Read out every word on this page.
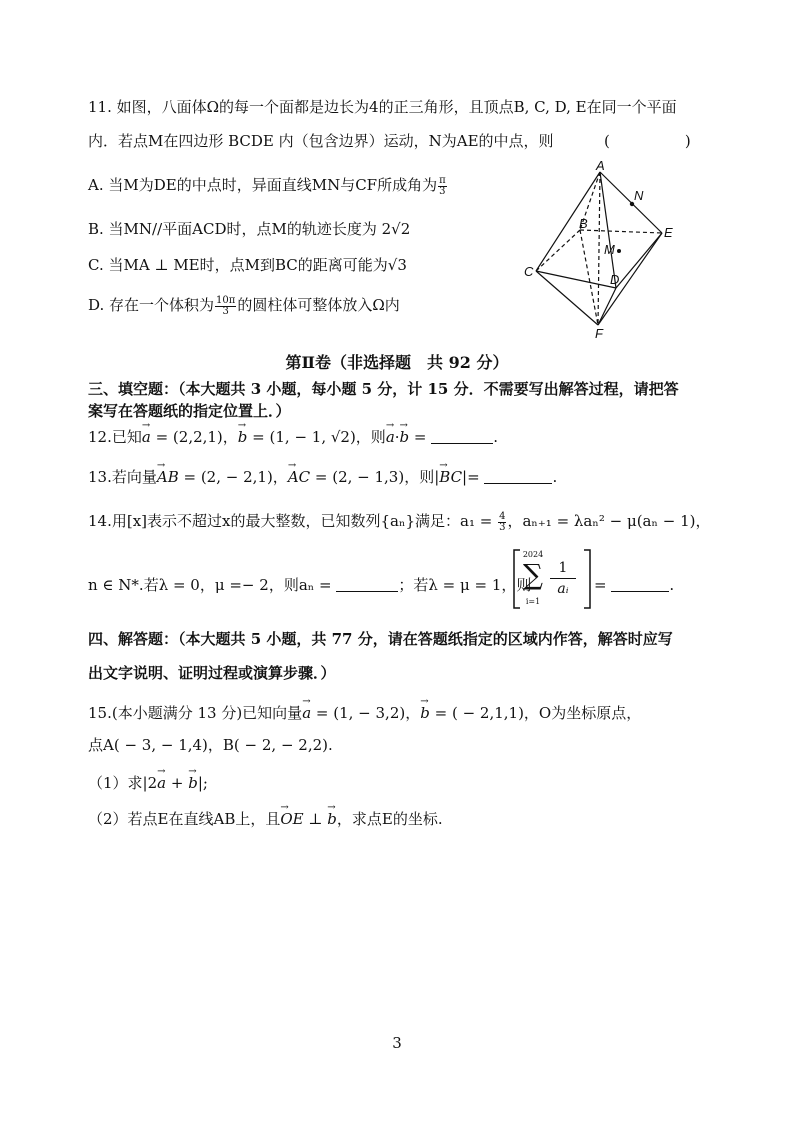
11. 如图，八面体Ω的每一个面都是边长为4的正三角形，且顶点B, C, D, E在同一个平面
内．若点M在四边形 BCDE 内（包含边界）运动，N为AE的中点，则	(　　　　　)
A. 当M为DE的中点时，异面直线MN与CF所成角为 $\frac{\pi}{3}$
B. 当MN//平面ACD时，点M的轨迹长度为 2√2
C. 当MA ⊥ ME时，点M到BC的距离可能为√3
D. 存在一个体积为 $\frac{10\pi}{3}$ 的圆柱体可整体放入Ω内
A
N
B
E
M
C
D
F
第Ⅱ卷（非选择题　共 92 分）
三、填空题：（本大题共 3 小题，每小题 5 分，计 15 分．不需要写出解答过程，请把答
案写在答题纸的指定位置上．）
12.已知→ a = (2,2,1)，→ b = (1, − 1, √2)，则→ a·→ b =	.
13.若向量→ AB = (2, − 2,1)，→ AC = (2, − 1,3)，则|→ BC|=	.
14.用[x]表示不超过x的最大整数，已知数列{aₙ}满足：$a_1 = \frac{4}{3}$ ，aₙ₊₁ = λaₙ² − μ(aₙ − 1)，
n ∈ N*.若λ = 0，μ =− 2，则aₙ =	；若λ = μ = 1，则
2024
∑
i=1
$\frac{1}{\text{aᵢ}}$ =	.
四、解答题：（本大题共 5 小题，共 77 分，请在答题纸指定的区域内作答，解答时应写
出文字说明、证明过程或演算步骤．）
15.(本小题满分 13 分)已知向量→ a = (1, − 3,2)，→ b = ( − 2,1,1)，O为坐标原点，
点A( − 3, − 1,4)，B( − 2, − 2,2).
（1）求|2→ a + → b|;
（2）若点E在直线AB上，且→ OE ⊥ → b，求点E的坐标.
3
